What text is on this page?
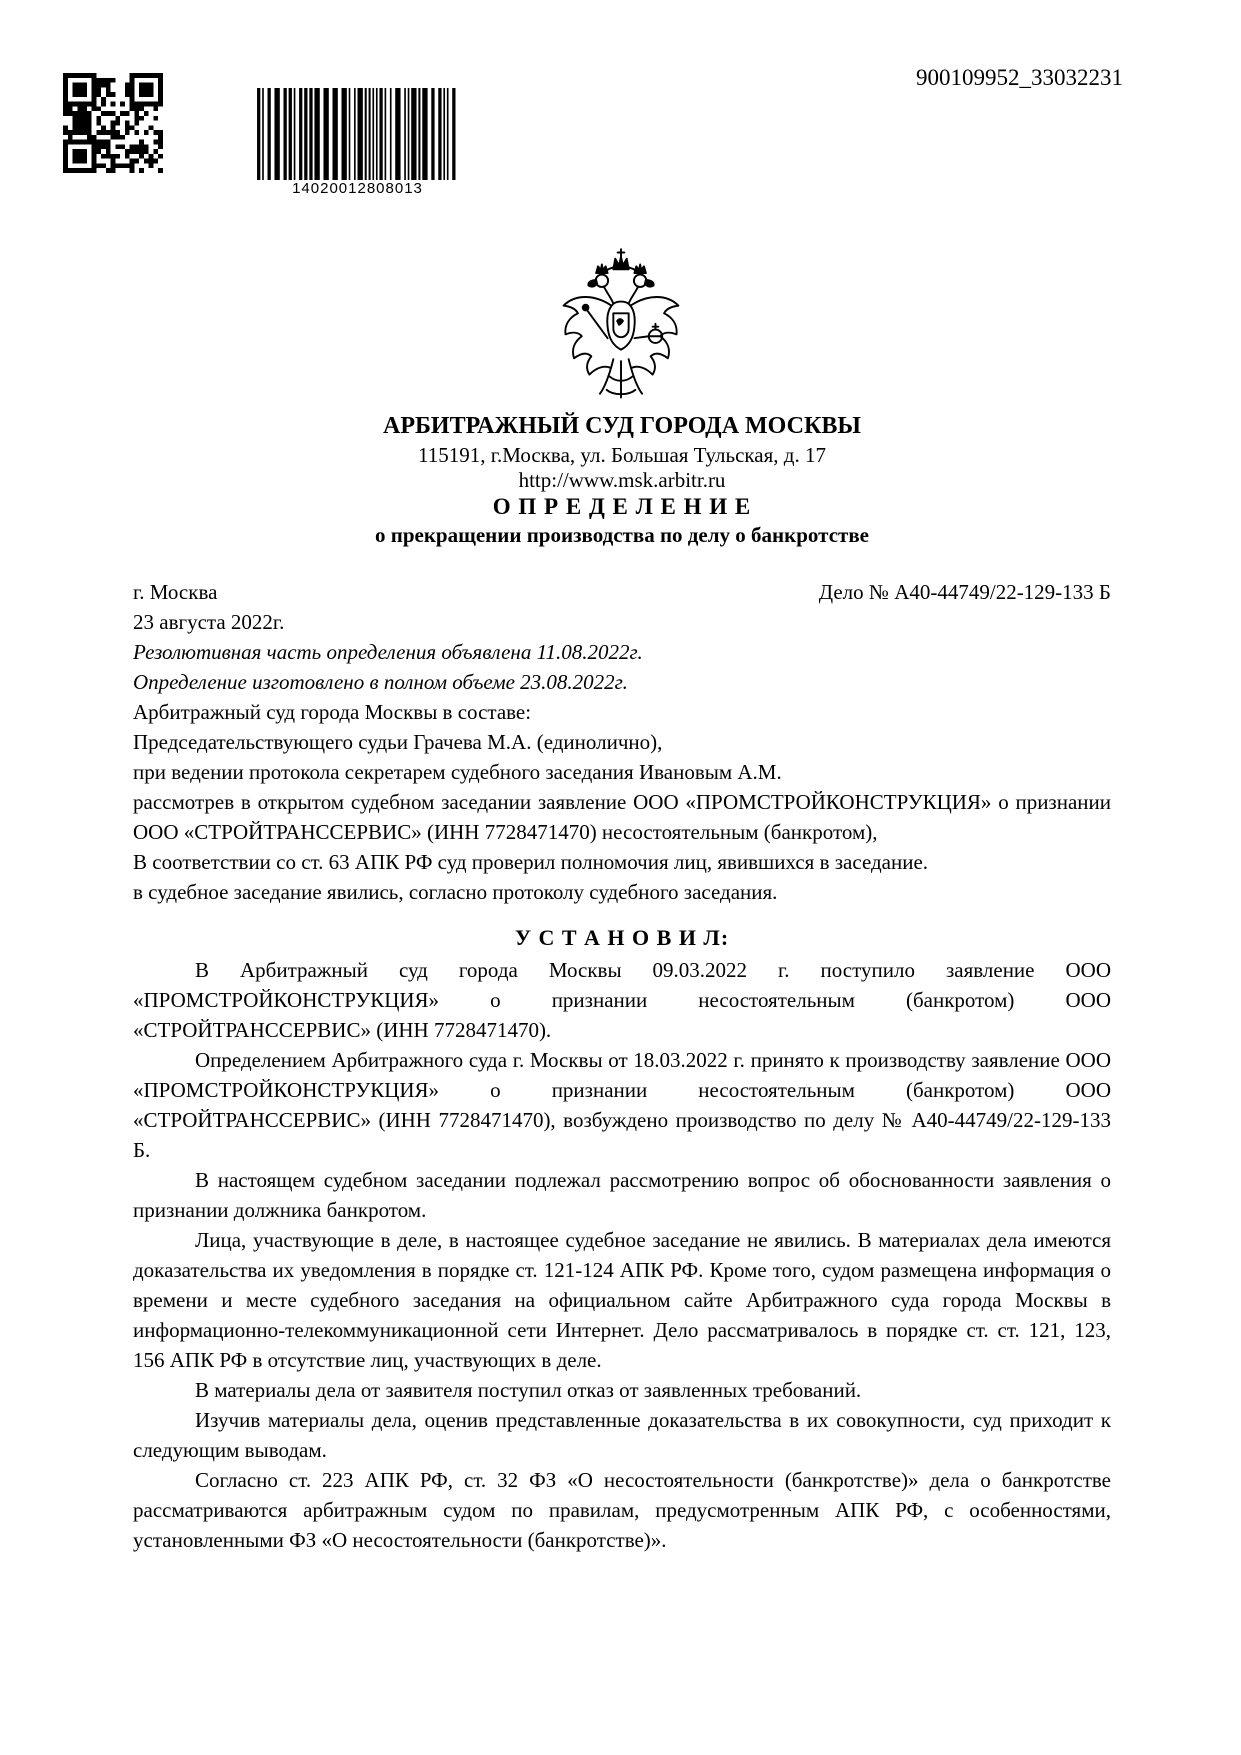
14020012808013
900109952_33032231
АРБИТРАЖНЫЙ СУД ГОРОДА МОСКВЫ
115191, г.Москва, ул. Большая Тульская, д. 17
http://www.msk.arbitr.ru
О П Р Е Д Е Л Е Н И Е
о прекращении производства по делу о банкротстве
г. Москва	Дело № А40-44749/22-129-133 Б
23 августа 2022г.
Резолютивная часть определения объявлена 11.08.2022г.
Определение изготовлено в полном объеме 23.08.2022г.
Арбитражный суд города Москвы в составе:
Председательствующего судьи Грачева М.А. (единолично),
при ведении протокола секретарем судебного заседания Ивановым А.М.
рассмотрев в открытом судебном заседании заявление ООО «ПРОМСТРОЙКОНСТРУКЦИЯ» о признании ООО «СТРОЙТРАНССЕРВИС» (ИНН 7728471470) несостоятельным (банкротом),
В соответствии со ст. 63 АПК РФ суд проверил полномочия лиц, явившихся в заседание.
в судебное заседание явились, согласно протоколу судебного заседания.
У С Т А Н О В И Л:

В Арбитражный суд города Москвы 09.03.2022 г. поступило заявление ООО «ПРОМСТРОЙКОНСТРУКЦИЯ» о признании несостоятельным (банкротом) ООО «СТРОЙТРАНССЕРВИС» (ИНН 7728471470).

Определением Арбитражного суда г. Москвы от 18.03.2022 г. принято к производству заявление ООО «ПРОМСТРОЙКОНСТРУКЦИЯ» о признании несостоятельным (банкротом) ООО «СТРОЙТРАНССЕРВИС» (ИНН 7728471470), возбуждено производство по делу № А40-44749/22-129-133 Б.

В настоящем судебном заседании подлежал рассмотрению вопрос об обоснованности заявления о признании должника банкротом.

Лица, участвующие в деле, в настоящее судебное заседание не явились. В материалах дела имеются доказательства их уведомления в порядке ст. 121-124 АПК РФ. Кроме того, судом размещена информация о времени и месте судебного заседания на официальном сайте Арбитражного суда города Москвы в информационно-телекоммуникационной сети Интернет. Дело рассматривалось в порядке ст. ст. 121, 123, 156 АПК РФ в отсутствие лиц, участвующих в деле.

В материалы дела от заявителя поступил отказ от заявленных требований.

Изучив материалы дела, оценив представленные доказательства в их совокупности, суд приходит к следующим выводам.

Согласно ст. 223 АПК РФ, ст. 32 ФЗ «О несостоятельности (банкротстве)» дела о банкротстве рассматриваются арбитражным судом по правилам, предусмотренным АПК РФ, с особенностями, установленными ФЗ «О несостоятельности (банкротстве)».
